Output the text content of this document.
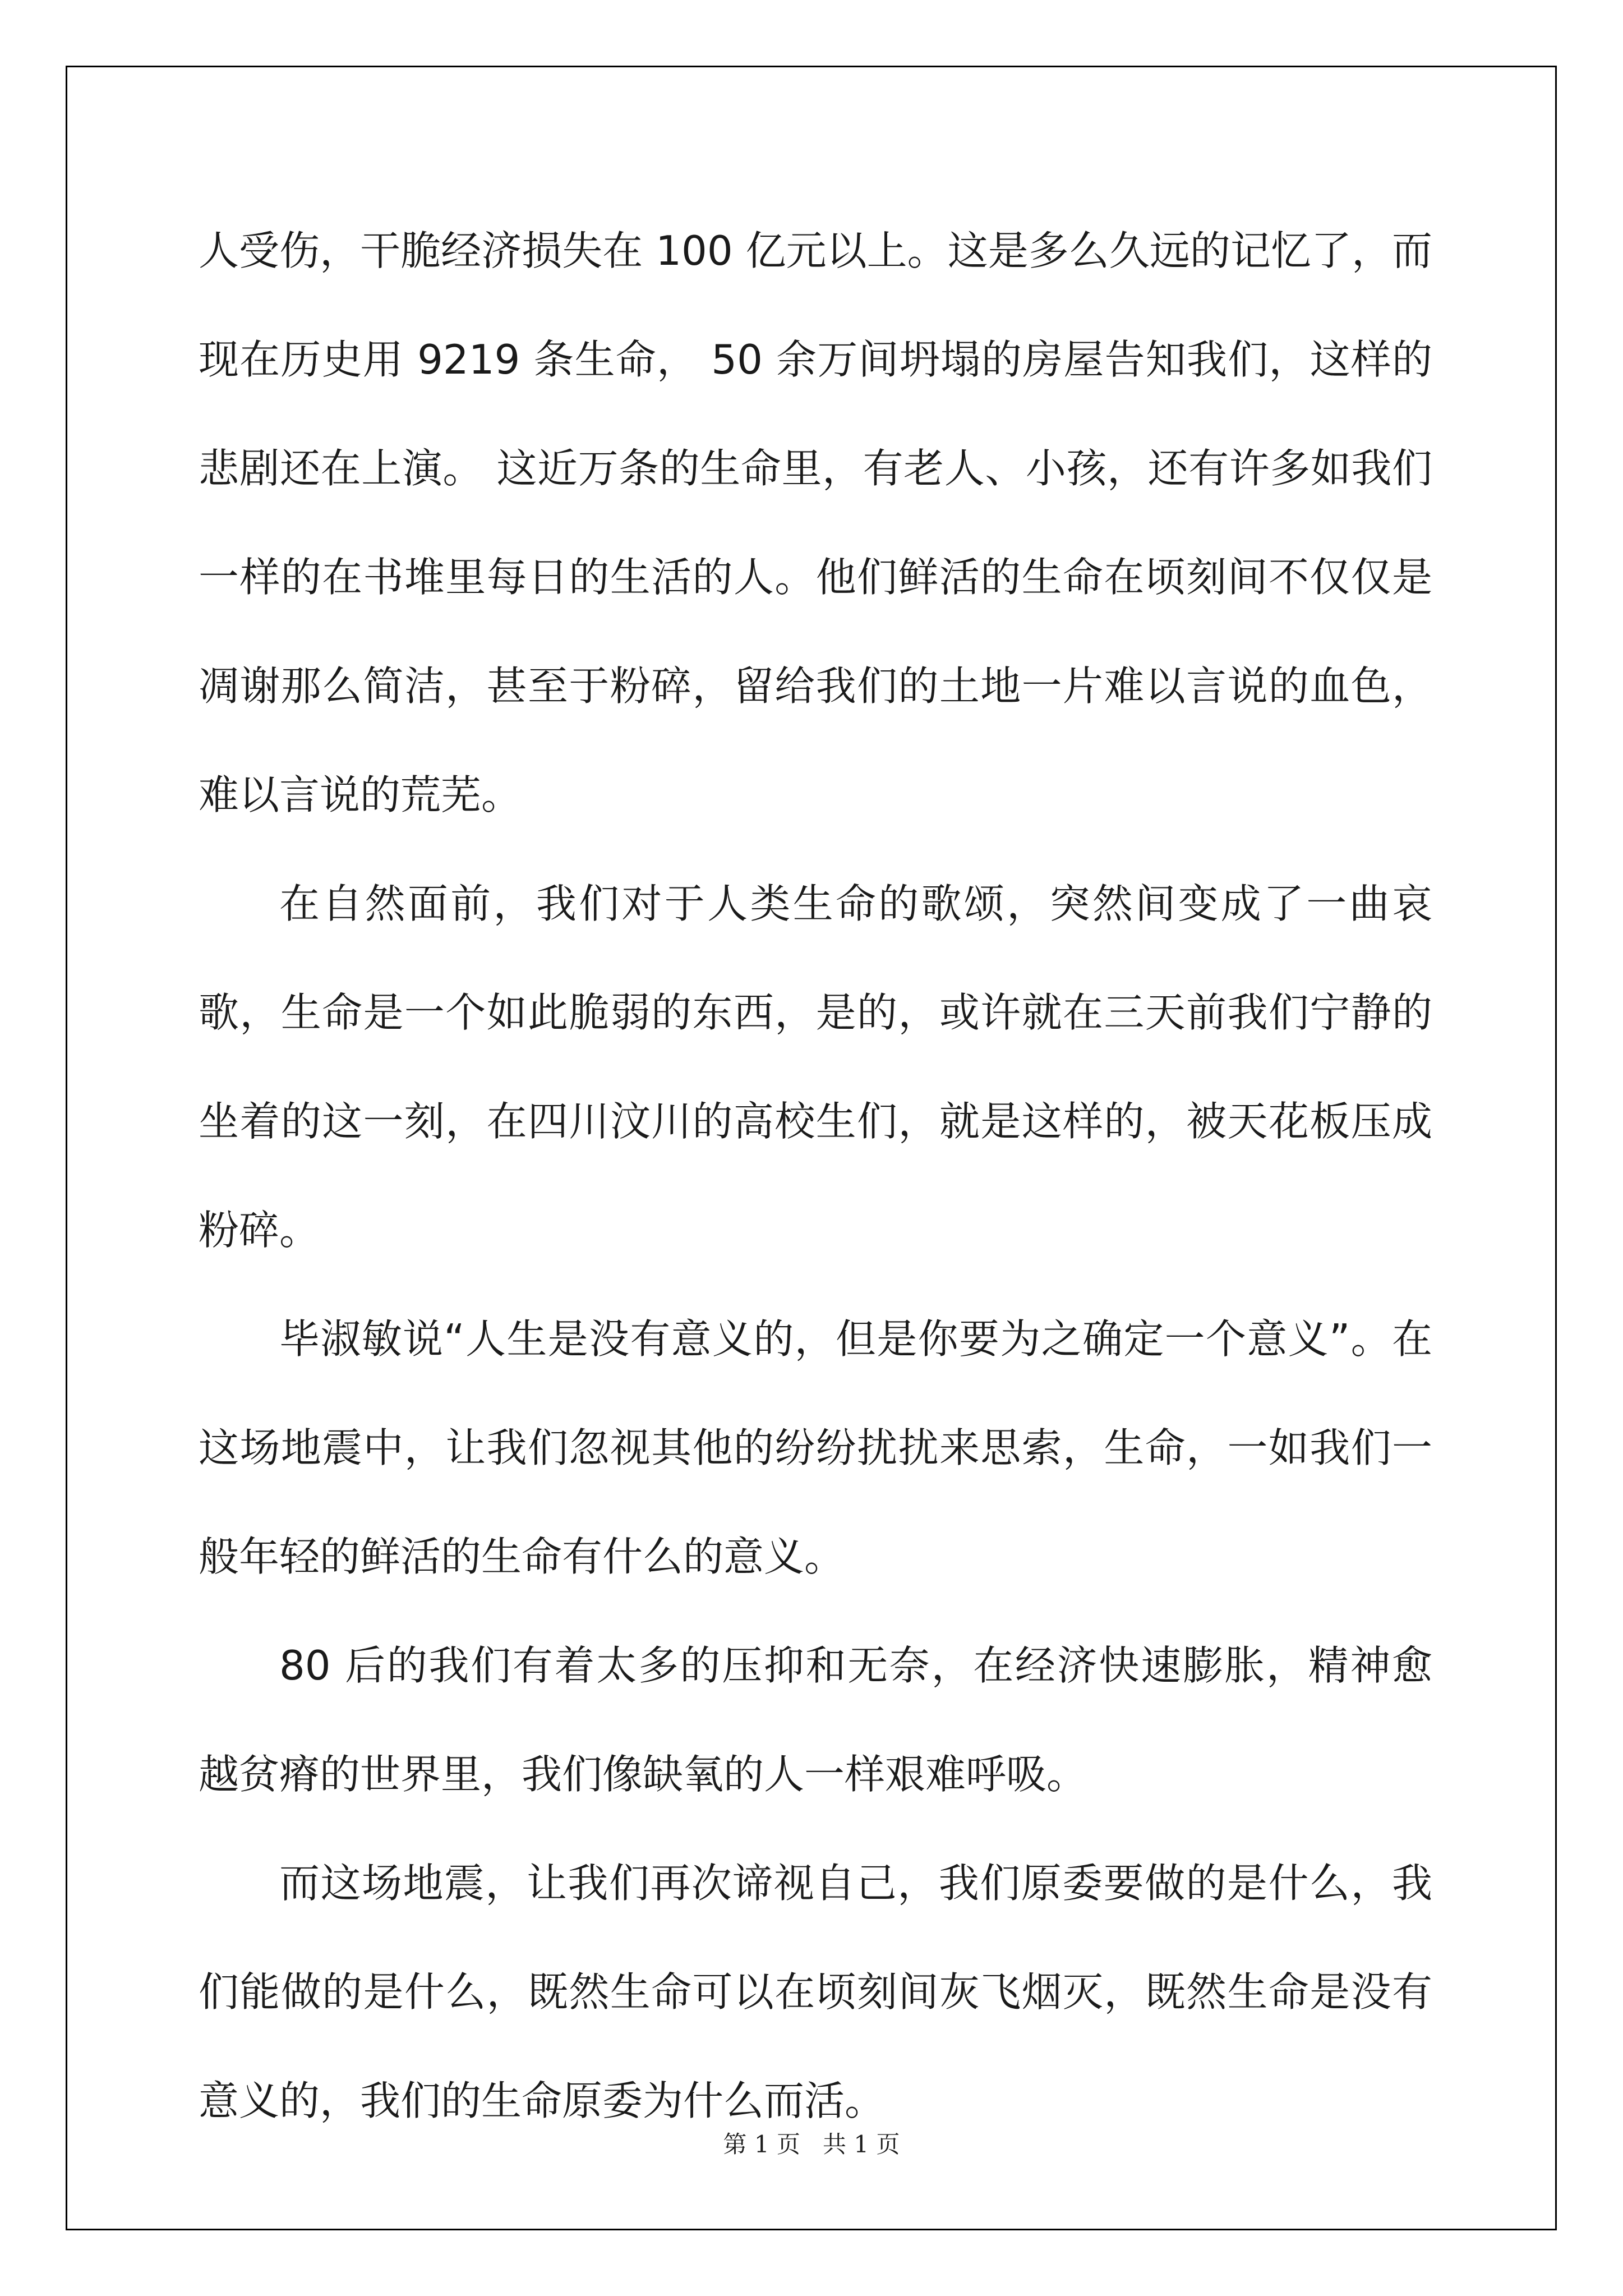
人受伤，干脆经济损失在 100 亿元以上。这是多么久远的记忆了，而现在历史用 9219 条生命， 50 余万间坍塌的房屋告知我们，这样的悲剧还在上演。 这近万条的生命里，有老人、小孩，还有许多如我们一样的在书堆里每日的生活的人。他们鲜活的生命在顷刻间不仅仅是凋谢那么简洁，甚至于粉碎，留给我们的土地一片难以言说的血色，难以言说的荒芜。

在自然面前，我们对于人类生命的歌颂，突然间变成了一曲哀歌，生命是一个如此脆弱的东西，是的，或许就在三天前我们宁静的坐着的这一刻，在四川汶川的高校生们，就是这样的，被天花板压成粉碎。

毕淑敏说“人生是没有意义的，但是你要为之确定一个意义”。在这场地震中，让我们忽视其他的纷纷扰扰来思索，生命，一如我们一般年轻的鲜活的生命有什么的意义。

80 后的我们有着太多的压抑和无奈，在经济快速膨胀，精神愈越贫瘠的世界里，我们像缺氧的人一样艰难呼吸。

而这场地震，让我们再次谛视自己，我们原委要做的是什么，我们能做的是什么，既然生命可以在顷刻间灰飞烟灭，既然生命是没有意义的，我们的生命原委为什么而活。

第 1 页   共 1 页
